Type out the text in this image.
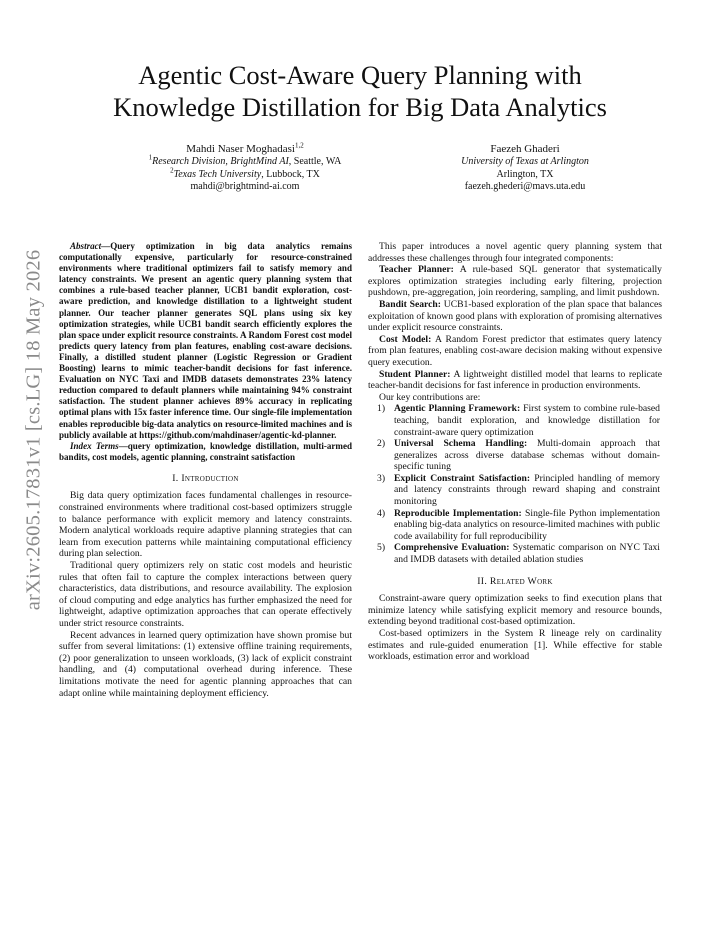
arXiv:2605.17831v1 [cs.LG] 18 May 2026
Agentic Cost-Aware Query Planning with
Knowledge Distillation for Big Data Analytics
Mahdi Naser Moghadasi$^{1,2}$
$^1$Research Division, BrightMind AI, Seattle, WA
$^2$Texas Tech University, Lubbock, TX
mahdi@brightmind-ai.com
Faezeh Ghaderi
University of Texas at Arlington
Arlington, TX
faezeh.ghederi@mavs.uta.edu

Abstract—Query optimization in big data analytics remains computationally expensive, particularly for resource-constrained environments where traditional optimizers fail to satisfy memory and latency constraints. We present an agentic query planning system that combines a rule-based teacher planner, UCB1 bandit exploration, cost-aware prediction, and knowledge distillation to a lightweight student planner. Our teacher planner generates SQL plans using six key optimization strategies, while UCB1 bandit search efficiently explores the plan space under explicit resource constraints. A Random Forest cost model predicts query latency from plan features, enabling cost-aware decisions. Finally, a distilled student planner (Logistic Regression or Gradient Boosting) learns to mimic teacher-bandit decisions for fast inference. Evaluation on NYC Taxi and IMDB datasets demonstrates 23% latency reduction compared to default planners while maintaining 94% constraint satisfaction. The student planner achieves 89% accuracy in replicating optimal plans with 15x faster inference time. Our single-file implementation enables reproducible big-data analytics on resource-limited machines and is publicly available at https://github.com/mahdinaser/agentic-kd-planner.

Index Terms—query optimization, knowledge distillation, multi-armed bandits, cost models, agentic planning, constraint satisfaction

I. Introduction

Big data query optimization faces fundamental challenges in resource-constrained environments where traditional cost-based optimizers struggle to balance performance with explicit memory and latency constraints. Modern analytical workloads require adaptive planning strategies that can learn from execution patterns while maintaining computational efficiency during plan selection.

Traditional query optimizers rely on static cost models and heuristic rules that often fail to capture the complex interactions between query characteristics, data distributions, and resource availability. The explosion of cloud computing and edge analytics has further emphasized the need for lightweight, adaptive optimization approaches that can operate effectively under strict resource constraints.

Recent advances in learned query optimization have shown promise but suffer from several limitations: (1) extensive offline training requirements, (2) poor generalization to unseen workloads, (3) lack of explicit constraint handling, and (4) computational overhead during inference. These limitations motivate the need for agentic planning approaches that can adapt online while maintaining deployment efficiency.

This paper introduces a novel agentic query planning system that addresses these challenges through four integrated components:

Teacher Planner: A rule-based SQL generator that systematically explores optimization strategies including early filtering, projection pushdown, pre-aggregation, join reordering, sampling, and limit pushdown.

Bandit Search: UCB1-based exploration of the plan space that balances exploitation of known good plans with exploration of promising alternatives under explicit resource constraints.

Cost Model: A Random Forest predictor that estimates query latency from plan features, enabling cost-aware decision making without expensive query execution.

Student Planner: A lightweight distilled model that learns to replicate teacher-bandit decisions for fast inference in production environments.

Our key contributions are:

1) Agentic Planning Framework: First system to combine rule-based teaching, bandit exploration, and knowledge distillation for constraint-aware query optimization
2) Universal Schema Handling: Multi-domain approach that generalizes across diverse database schemas without domain-specific tuning
3) Explicit Constraint Satisfaction: Principled handling of memory and latency constraints through reward shaping and constraint monitoring
4) Reproducible Implementation: Single-file Python implementation enabling big-data analytics on resource-limited machines with public code availability for full reproducibility
5) Comprehensive Evaluation: Systematic comparison on NYC Taxi and IMDB datasets with detailed ablation studies
II. Related Work

Constraint-aware query optimization seeks to find execution plans that minimize latency while satisfying explicit memory and resource bounds, extending beyond traditional cost-based optimization.

Cost-based optimizers in the System R lineage rely on cardinality estimates and rule-guided enumeration [1]. While effective for stable workloads, estimation error and workload
